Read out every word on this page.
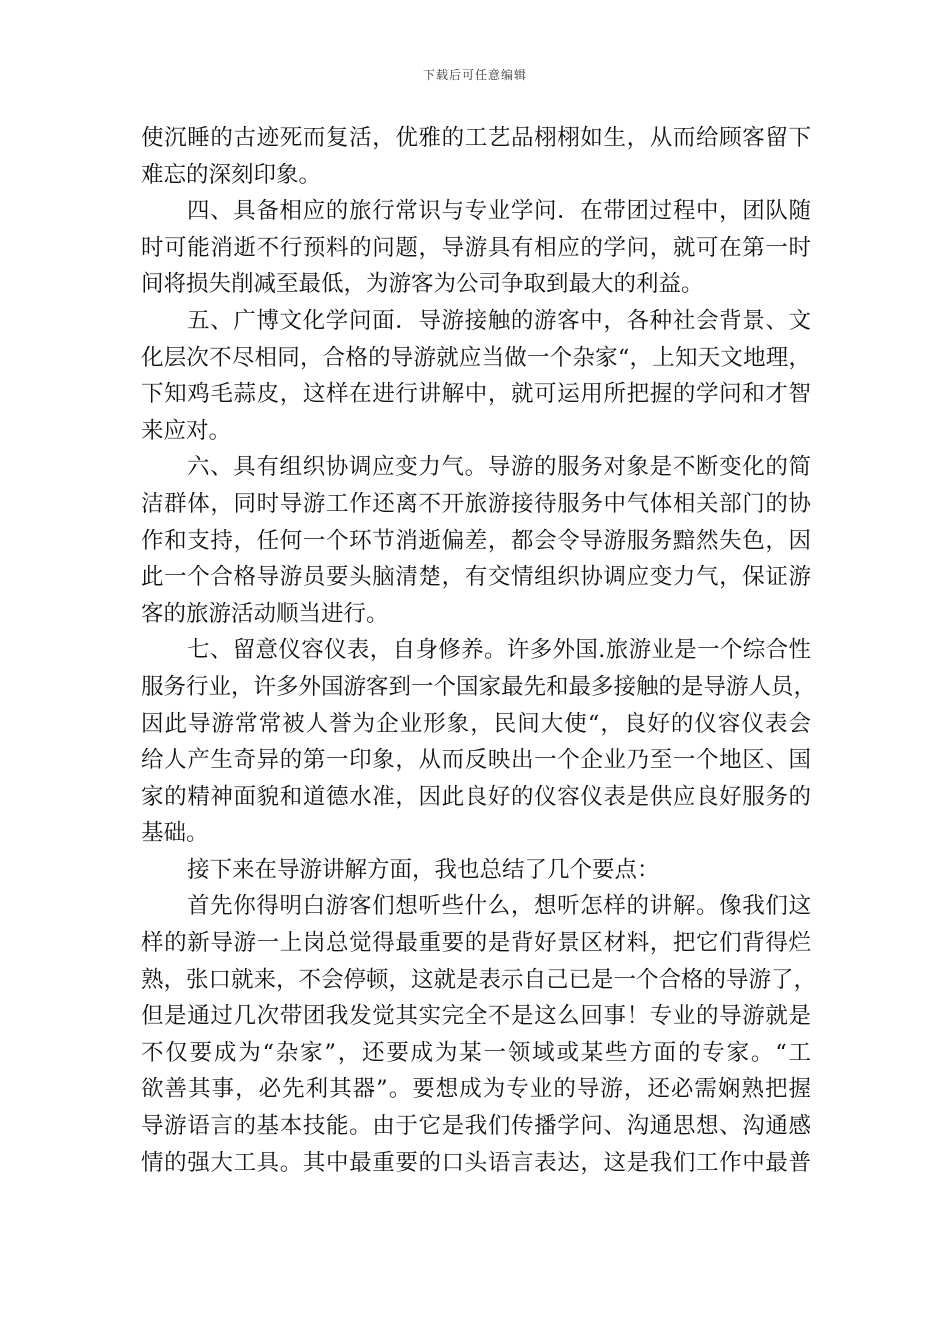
下载后可任意编辑
使沉睡的古迹死而复活，优雅的工艺品栩栩如生，从而给顾客留下
难忘的深刻印象。
四、具备相应的旅行常识与专业学问．在带团过程中，团队随
时可能消逝不行预料的问题，导游具有相应的学问，就可在第一时
间将损失削减至最低，为游客为公司争取到最大的利益。
五、广博文化学问面．导游接触的游客中，各种社会背景、文
化层次不尽相同，合格的导游就应当做一个杂家“，上知天文地理，
下知鸡毛蒜皮，这样在进行讲解中，就可运用所把握的学问和才智
来应对。
六、具有组织协调应变力气。导游的服务对象是不断变化的简
洁群体，同时导游工作还离不开旅游接待服务中气体相关部门的协
作和支持，任何一个环节消逝偏差，都会令导游服务黯然失色，因
此一个合格导游员要头脑清楚，有交情组织协调应变力气，保证游
客的旅游活动顺当进行。
七、留意仪容仪表，自身修养。许多外国.旅游业是一个综合性
服务行业，许多外国游客到一个国家最先和最多接触的是导游人员，
因此导游常常被人誉为企业形象，民间大使“，良好的仪容仪表会
给人产生奇异的第一印象，从而反映出一个企业乃至一个地区、国
家的精神面貌和道德水准，因此良好的仪容仪表是供应良好服务的
基础。
接下来在导游讲解方面，我也总结了几个要点：
首先你得明白游客们想听些什么，想听怎样的讲解。像我们这
样的新导游一上岗总觉得最重要的是背好景区材料，把它们背得烂
熟，张口就来，不会停顿，这就是表示自己已是一个合格的导游了，
但是通过几次带团我发觉其实完全不是这么回事！专业的导游就是
不仅要成为“杂家”，还要成为某一领域或某些方面的专家。“工
欲善其事，必先利其器”。要想成为专业的导游，还必需娴熟把握
导游语言的基本技能。由于它是我们传播学问、沟通思想、沟通感
情的强大工具。其中最重要的口头语言表达，这是我们工作中最普
